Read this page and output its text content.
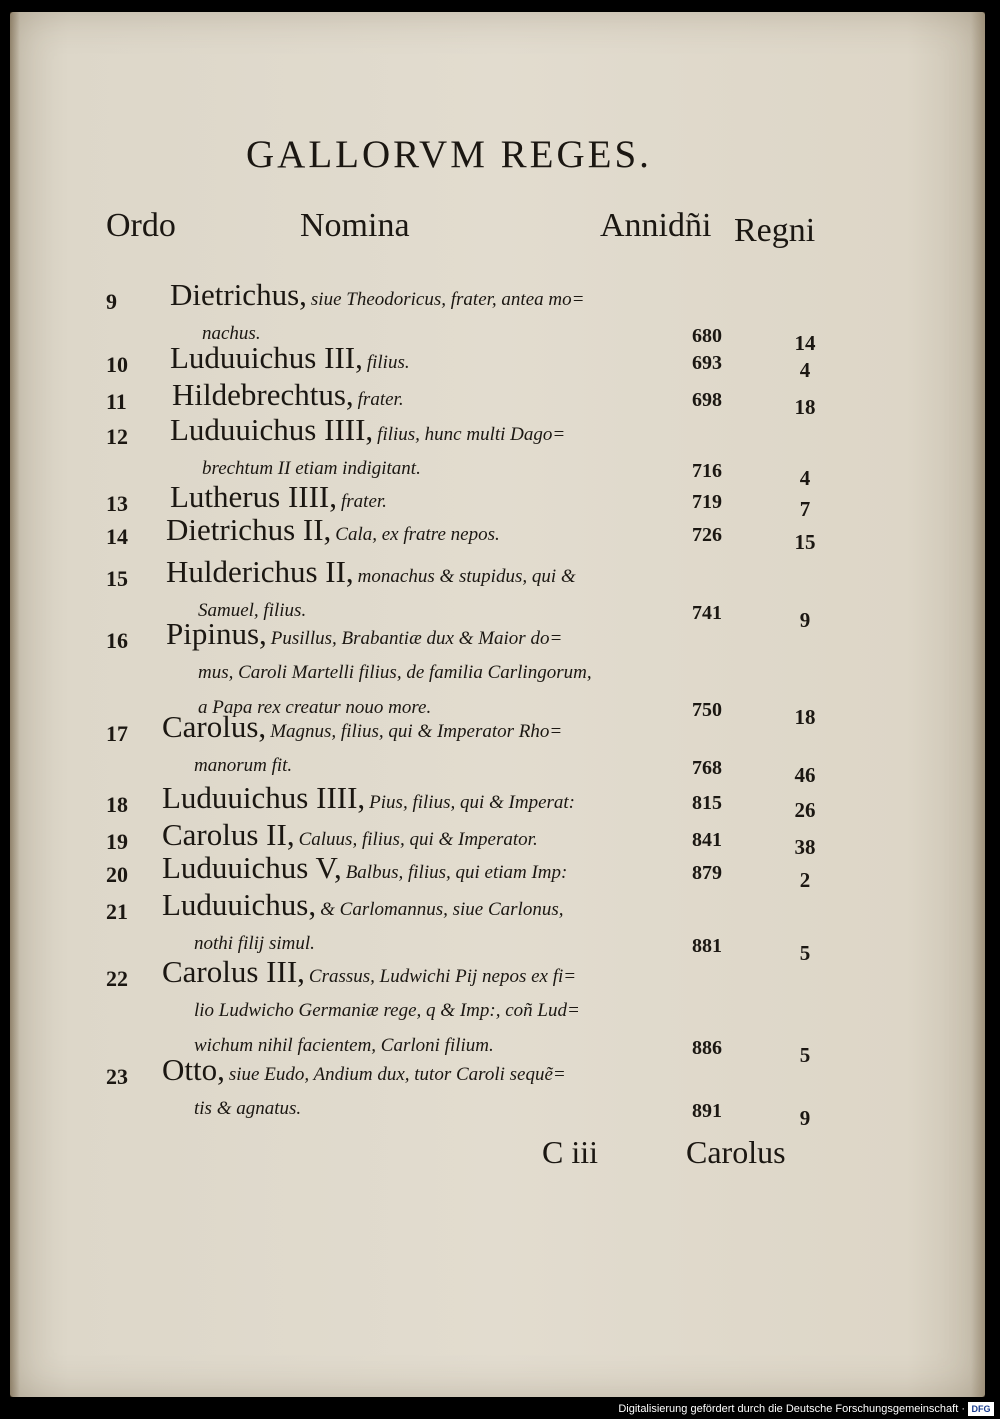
GALLORVM REGES.
Ordo	Nomina	Annidñi Regni
9	Dietrichus, siue Theodoricus, frater, antea mo=
nachus.	680	14
10	Luduuichus III, filius.	693	4
11	Hildebrechtus, frater.	698	18
12	Luduuichus IIII, filius, hunc multi Dago=
brechtum II etiam indigitant.	716	4
13	Lutherus IIII, frater.	719	7
14	Dietrichus II, Cala, ex fratre nepos.	726	15
15	Hulderichus II, monachus & stupidus, qui &
Samuel, filius.	741	9
16	Pipinus, Pusillus, Brabantiæ dux & Maior do=
mus, Caroli Martelli filius, de familia Carlingorum,
a Papa rex creatur nouo more.	750	18
17	Carolus, Magnus, filius, qui & Imperator Rho=
manorum fit.	768	46
18	Luduuichus IIII, Pius, filius, qui & Imperat:	815	26
19	Carolus II, Caluus, filius, qui & Imperator.	841	38
20	Luduuichus V, Balbus, filius, qui etiam Imp:	879	2
21	Luduuichus, & Carlomannus, siue Carlonus,
nothi filij simul.	881	5
22	Carolus III, Crassus, Ludwichi Pij nepos ex fi=
lio Ludwicho Germaniæ rege, q & Imp:, coñ Lud=
wichum nihil facientem, Carloni filium.	886	5
23	Otto, siue Eudo, Andium dux, tutor Caroli sequẽ=
tis & agnatus.	891	9
C iii	Carolus
Digitalisierung gefördert durch die Deutsche Forschungsgemeinschaft · DFG
